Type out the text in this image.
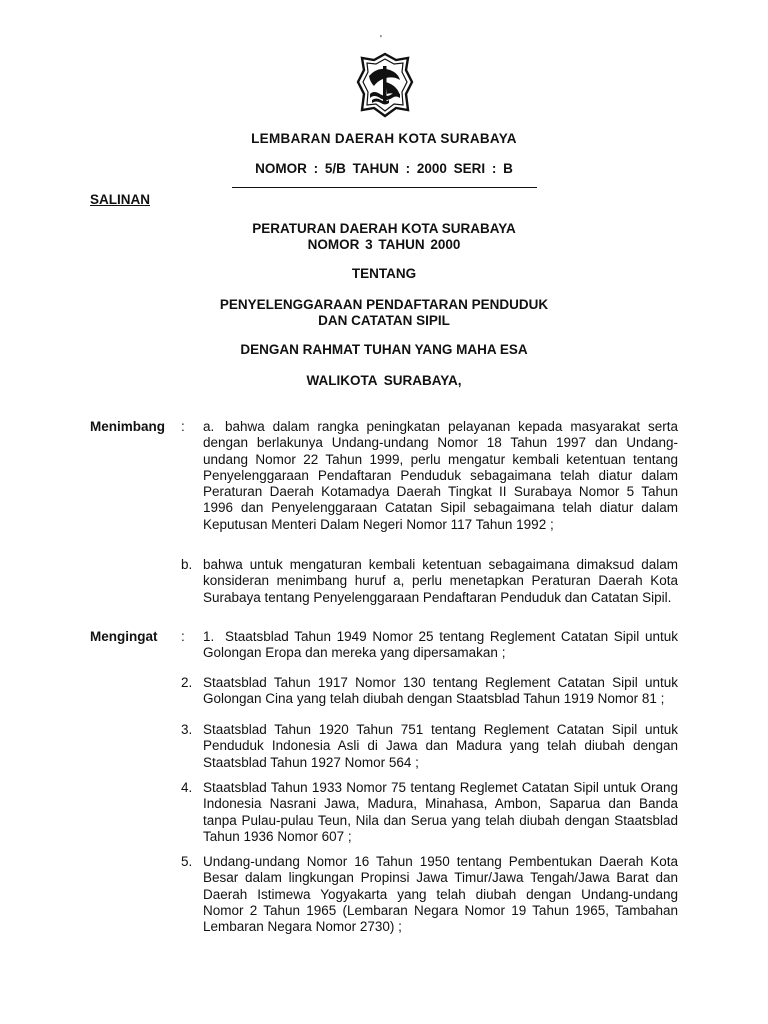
'
LEMBARAN DAERAH KOTA SURABAYA
NOMOR : 5/B TAHUN : 2000 SERI : B
SALINAN
PERATURAN DAERAH KOTA SURABAYA
NOMOR 3 TAHUN 2000
TENTANG
PENYELENGGARAAN PENDAFTARAN PENDUDUK
DAN CATATAN SIPIL
DENGAN RAHMAT TUHAN YANG MAHA ESA
WALIKOTA SURABAYA,
Menimbang : a. bahwa dalam rangka peningkatan pelayanan kepada masyarakat serta dengan berlakunya Undang-undang Nomor 18 Tahun 1997 dan Undang-undang Nomor 22 Tahun 1999, perlu mengatur kembali ketentuan tentang Penyelenggaraan Pendaftaran Penduduk sebagaimana telah diatur dalam Peraturan Daerah Kotamadya Daerah Tingkat II Surabaya Nomor 5 Tahun 1996 dan Penyelenggaraan Catatan Sipil sebagaimana telah diatur dalam Keputusan Menteri Dalam Negeri Nomor 117 Tahun 1992 ;
b. bahwa untuk mengaturan kembali ketentuan sebagaimana dimaksud dalam konsideran menimbang huruf a, perlu menetapkan Peraturan Daerah Kota Surabaya tentang Penyelenggaraan Pendaftaran Penduduk dan Catatan Sipil.
Mengingat : 1. Staatsblad Tahun 1949 Nomor 25 tentang Reglement Catatan Sipil untuk Golongan Eropa dan mereka yang dipersamakan ;
2. Staatsblad Tahun 1917 Nomor 130 tentang Reglement Catatan Sipil untuk Golongan Cina yang telah diubah dengan Staatsblad Tahun 1919 Nomor 81 ;
3. Staatsblad Tahun 1920 Tahun 751 tentang Reglement Catatan Sipil untuk Penduduk Indonesia Asli di Jawa dan Madura yang telah diubah dengan Staatsblad Tahun 1927 Nomor 564 ;
4. Staatsblad Tahun 1933 Nomor 75 tentang Reglemet Catatan Sipil untuk Orang Indonesia Nasrani Jawa, Madura, Minahasa, Ambon, Saparua dan Banda tanpa Pulau-pulau Teun, Nila dan Serua yang telah diubah dengan Staatsblad Tahun 1936 Nomor 607 ;
5. Undang-undang Nomor 16 Tahun 1950 tentang Pembentukan Daerah Kota Besar dalam lingkungan Propinsi Jawa Timur/Jawa Tengah/Jawa Barat dan Daerah Istimewa Yogyakarta yang telah diubah dengan Undang-undang Nomor 2 Tahun 1965 (Lembaran Negara Nomor 19 Tahun 1965, Tambahan Lembaran Negara Nomor 2730) ;
